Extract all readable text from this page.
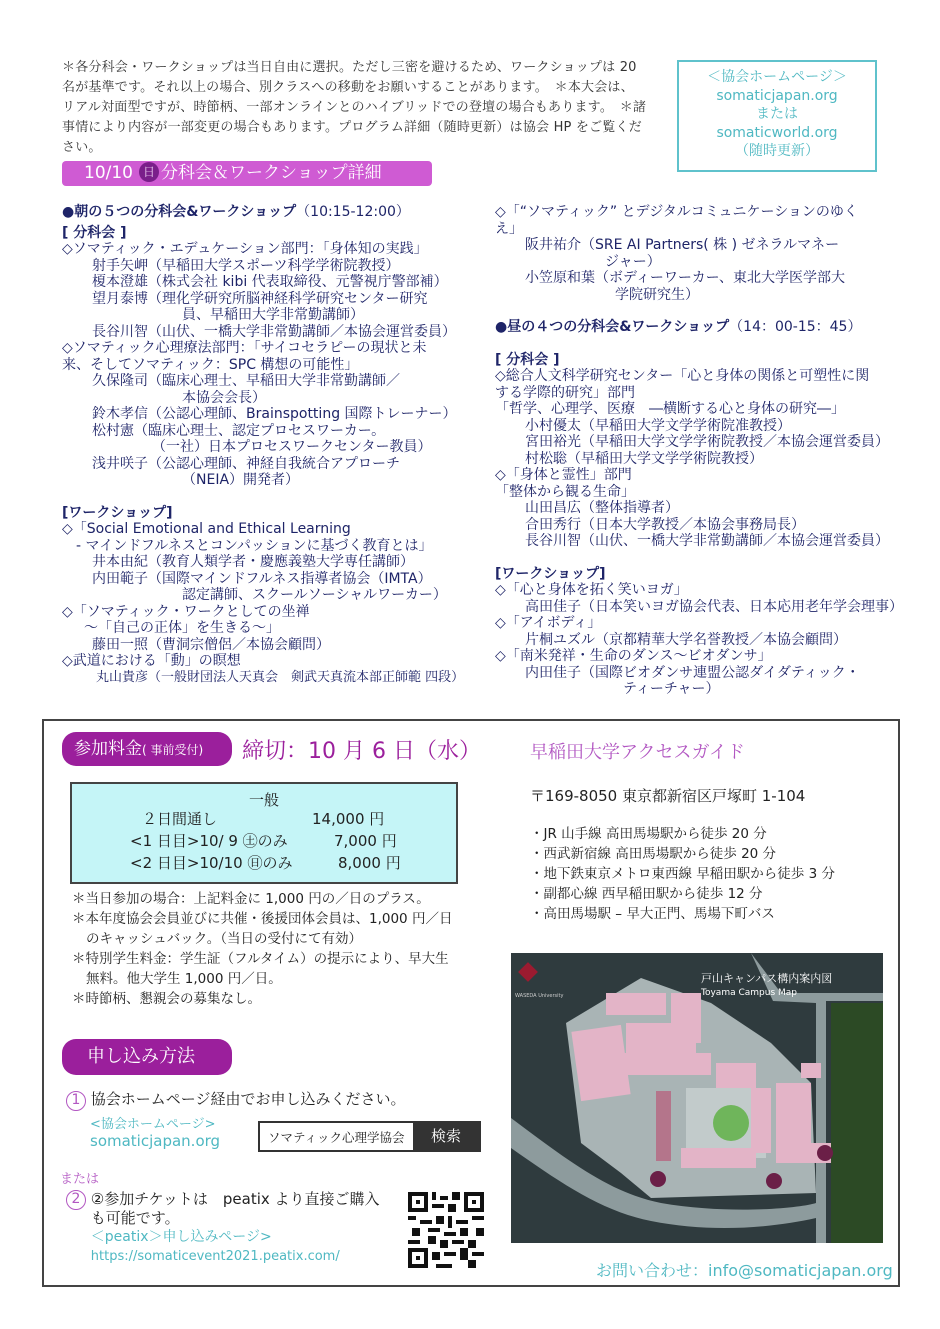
＊各分科会・ワークショップは当日自由に選択。ただし三密を避けるため、ワークショップは 20 名が基準です。それ以上の場合、別クラスへの移動をお願いすることがあります。　＊本大会は、リアル対面型ですが、時節柄、一部オンラインとのハイブリッドでの登壇の場合もあります。　＊諸事情により内容が一部変更の場合もあります。プログラム詳細（随時更新）は協会 HP をご覧ください。
＜協会ホームページ＞
somaticjapan.org
または
somaticworld.org
（随時更新）
10/10 日 分科会＆ワークショップ詳細
●朝の５つの分科会&ワークショップ（10:15-12:00）
[ 分科会 ]
◇ソマティック・エデュケーション部門：「身体知の実践」
射手矢岬（早稲田大学スポーツ科学学術院教授）
榎本澄雄（株式会社 kibi 代表取締役、元警視庁警部補）
望月泰博（理化学研究所脳神経科学研究センター研究
員、早稲田大学非常勤講師）
長谷川智（山伏、一橋大学非常勤講師／本協会運営委員）
◇ソマティック心理療法部門：「サイコセラピーの現状と未
来、そしてソマティック：SPC 構想の可能性」
久保隆司（臨床心理士、早稲田大学非常勤講師／
本協会会長）
鈴木孝信（公認心理師、Brainspotting 国際トレーナー）
松村憲（臨床心理士、認定プロセスワーカー。
（一社）日本プロセスワークセンター教員）
浅井咲子（公認心理師、神経自我統合アプローチ
（NEIA）開発者）
[ワークショップ]
◇「Social Emotional and Ethical Learning
- マインドフルネスとコンパッションに基づく教育とは」
井本由紀（教育人類学者・慶應義塾大学専任講師）
内田範子（国際マインドフルネス指導者協会（IMTA）
認定講師、スクールソーシャルワーカー）
◇「ソマティック・ワークとしての坐禅
～「自己の正体」を生きる～」
藤田一照（曹洞宗僧侶／本協会顧問）
◇武道における「動」の瞑想
丸山貴彦（一般財団法人天真会　剣武天真流本部正師範 四段）
◇「“ソマティック” とデジタルコミュニケーションのゆく
え」
阪井祐介（SRE AI Partners( 株 ) ゼネラルマネー
ジャー）
小笠原和葉（ボディーワーカー、東北大学医学部大
学院研究生）
●昼の４つの分科会&ワークショップ（14：00-15：45）
[ 分科会 ]
◇総合人文科学研究センター「心と身体の関係と可塑性に関
する学際的研究」部門
「哲学、心理学、医療　―横断する心と身体の研究―」
小村優太（早稲田大学文学学術院准教授）
宮田裕光（早稲田大学文学学術院教授／本協会運営委員）
村松聡（早稲田大学文学学術院教授）
◇「身体と霊性」部門
「整体から観る生命」
山田昌広（整体指導者）
合田秀行（日本大学教授／本協会事務局長）
長谷川智（山伏、一橋大学非常勤講師／本協会運営委員）
[ワークショップ]
◇「心と身体を拓く笑いヨガ」
高田佳子（日本笑いヨガ協会代表、日本応用老年学会理事）
◇「アイボディ」
片桐ユズル（京都精華大学名誉教授／本協会顧問）
◇「南米発祥・生命のダンス～ビオダンサ」
内田佳子（国際ビオダンサ連盟公認ダイダティック・
ティーチャー）
参加料金( 事前受付)	締切：10 月 6 日（水）
一般
２日間通し	14,000 円
<1 日目>10/ 9 ㊏のみ	7,000 円
<2 日目>10/10 ㊐のみ	8,000 円
＊当日参加の場合：上記料金に 1,000 円の／日のプラス。
＊本年度協会会員並びに共催・後援団体会員は、1,000 円／日
のキャッシュバック。（当日の受付にて有効）
＊特別学生料金：学生証（フルタイム）の提示により、早大生
無料。他大学生 1,000 円／日。
＊時節柄、懇親会の募集なし。
早稲田大学アクセスガイド
〒169-8050 東京都新宿区戸塚町 1-104
・JR 山手線 高田馬場駅から徒歩 20 分
・西武新宿線 高田馬場駅から徒歩 20 分
・地下鉄東京メトロ東西線 早稲田駅から徒歩 3 分
・副都心線 西早稲田駅から徒歩 12 分
・高田馬場駅 – 早大正門、馬場下町バス
WASEDA University
戸山キャンパス構内案内図
Toyama Campus Map
申し込み方法
1 協会ホームページ経由でお申し込みください。
<協会ホームページ>
somaticjapan.org
ソマティック心理学協会	検索
または
2 ②参加チケットは　peatix より直接ご購入
も可能です。
＜peatix＞申し込みページ>
https://somaticevent2021.peatix.com/
お問い合わせ：info@somaticjapan.org
